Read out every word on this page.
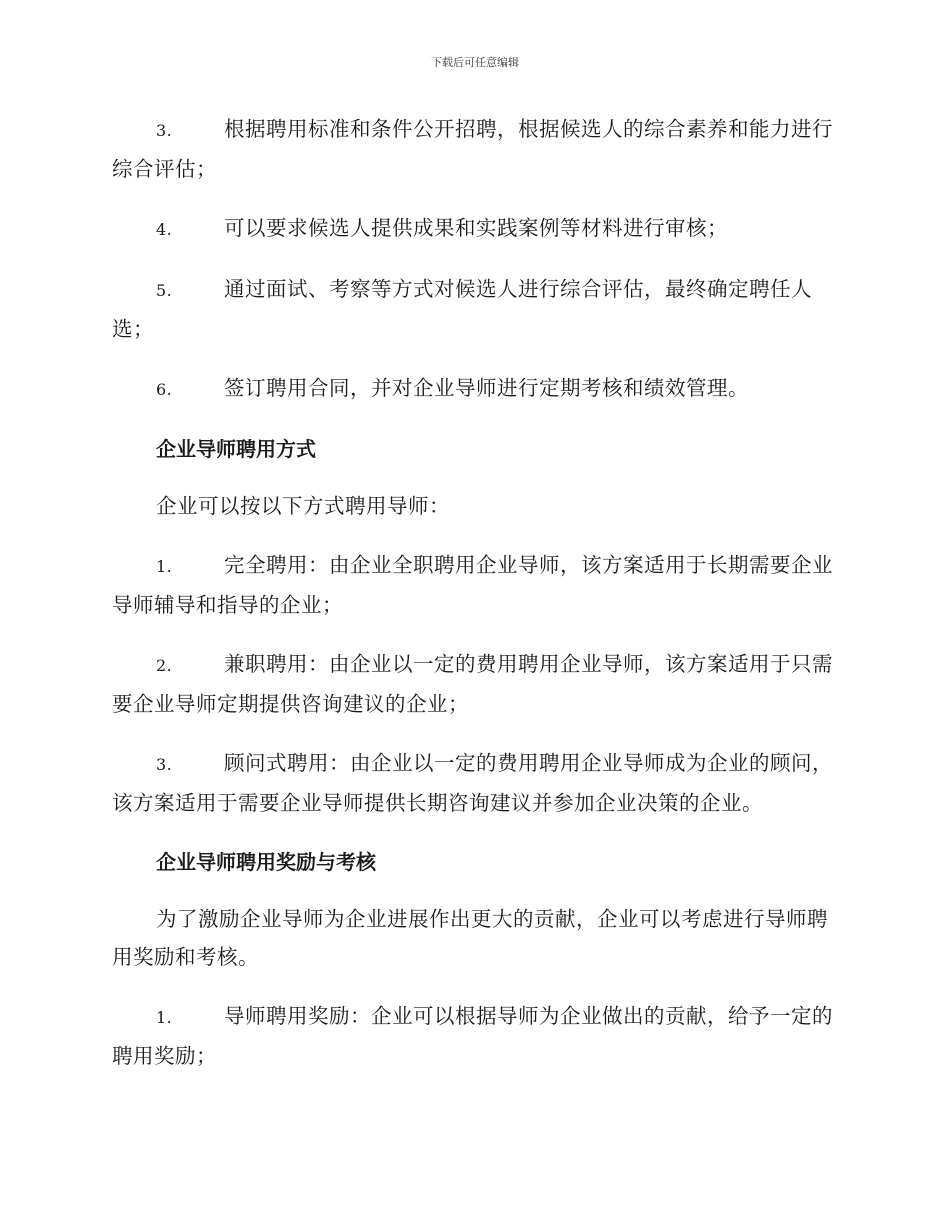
下载后可任意编辑

3.	根据聘用标准和条件公开招聘，根据候选人的综合素养和能力进行综合评估；

4.	可以要求候选人提供成果和实践案例等材料进行审核；

5.	通过面试、考察等方式对候选人进行综合评估，最终确定聘任人选；

6.	签订聘用合同，并对企业导师进行定期考核和绩效管理。

企业导师聘用方式

企业可以按以下方式聘用导师：

1.	完全聘用：由企业全职聘用企业导师，该方案适用于长期需要企业导师辅导和指导的企业；

2.	兼职聘用：由企业以一定的费用聘用企业导师，该方案适用于只需要企业导师定期提供咨询建议的企业；

3.	顾问式聘用：由企业以一定的费用聘用企业导师成为企业的顾问，该方案适用于需要企业导师提供长期咨询建议并参加企业决策的企业。

企业导师聘用奖励与考核

为了激励企业导师为企业进展作出更大的贡献，企业可以考虑进行导师聘用奖励和考核。

1.	导师聘用奖励：企业可以根据导师为企业做出的贡献，给予一定的聘用奖励；
